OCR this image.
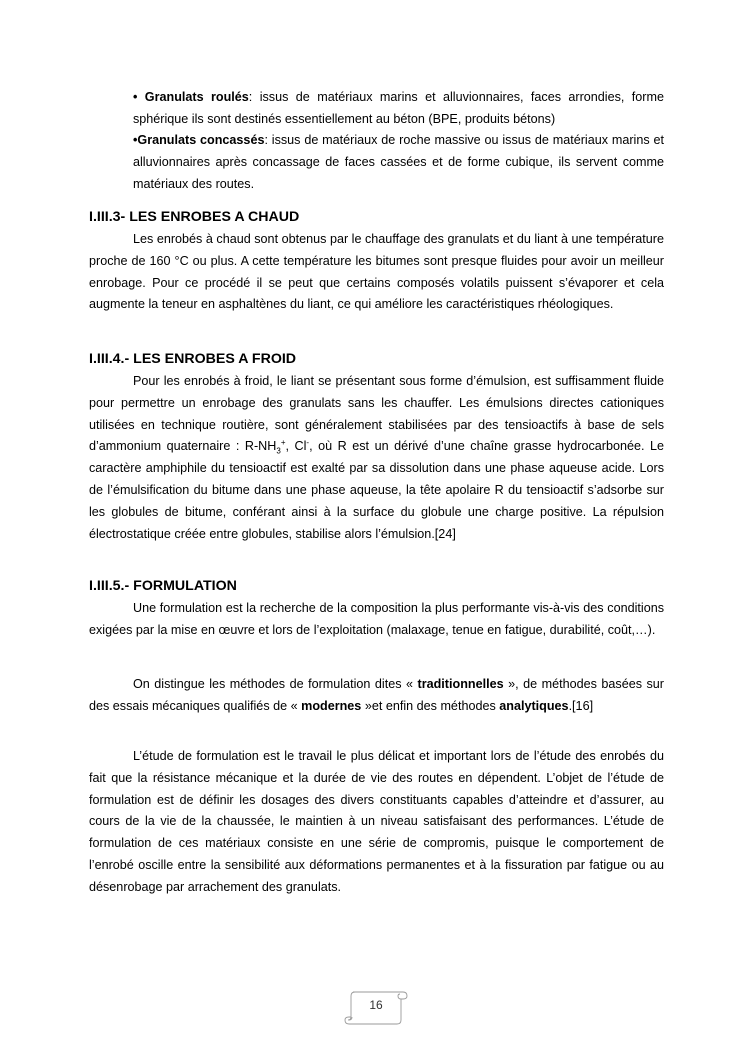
• Granulats roulés: issus de matériaux marins et alluvionnaires, faces arrondies, forme sphérique ils sont destinés essentiellement au béton (BPE, produits bétons)

•Granulats concassés: issus de matériaux de roche massive ou issus de matériaux marins et alluvionnaires après concassage de faces cassées et de forme cubique, ils servent comme matériaux des routes.

I.III.3- LES ENROBES A CHAUD

Les enrobés à chaud sont obtenus par le chauffage des granulats et du liant à une température proche de 160 °C ou plus. A cette température les bitumes sont presque fluides pour avoir un meilleur enrobage. Pour ce procédé il se peut que certains composés volatils puissent s’évaporer et cela augmente la teneur en asphaltènes du liant, ce qui améliore les caractéristiques rhéologiques.

I.III.4.- LES ENROBES A FROID

Pour les enrobés à froid, le liant se présentant sous forme d’émulsion, est suffisamment fluide pour permettre un enrobage des granulats sans les chauffer. Les émulsions directes cationiques utilisées en technique routière, sont généralement stabilisées par des tensioactifs à base de sels d’ammonium quaternaire : $R-NH_3^+$, Cl-, où R est un dérivé d’une chaîne grasse hydrocarbonée. Le caractère amphiphile du tensioactif est exalté par sa dissolution dans une phase aqueuse acide. Lors de l’émulsification du bitume dans une phase aqueuse, la tête apolaire R du tensioactif s’adsorbe sur les globules de bitume, conférant ainsi à la surface du globule une charge positive. La répulsion électrostatique créée entre globules, stabilise alors l’émulsion.[24]

I.III.5.- FORMULATION

Une formulation est la recherche de la composition la plus performante vis-à-vis des conditions exigées par la mise en œuvre et lors de l’exploitation (malaxage, tenue en fatigue, durabilité, coût,…).

On distingue les méthodes de formulation dites « traditionnelles », de méthodes basées sur des essais mécaniques qualifiés de « modernes »et enfin des méthodes analytiques.[16]

L’étude de formulation est le travail le plus délicat et important lors de l’étude des enrobés du fait que la résistance mécanique et la durée de vie des routes en dépendent. L’objet de l’étude de formulation est de définir les dosages des divers constituants capables d’atteindre et d’assurer, au cours de la vie de la chaussée, le maintien à un niveau satisfaisant des performances. L’étude de formulation de ces matériaux consiste en une série de compromis, puisque le comportement de l’enrobé oscille entre la sensibilité aux déformations permanentes et à la fissuration par fatigue ou au désenrobage par arrachement des granulats.

16
